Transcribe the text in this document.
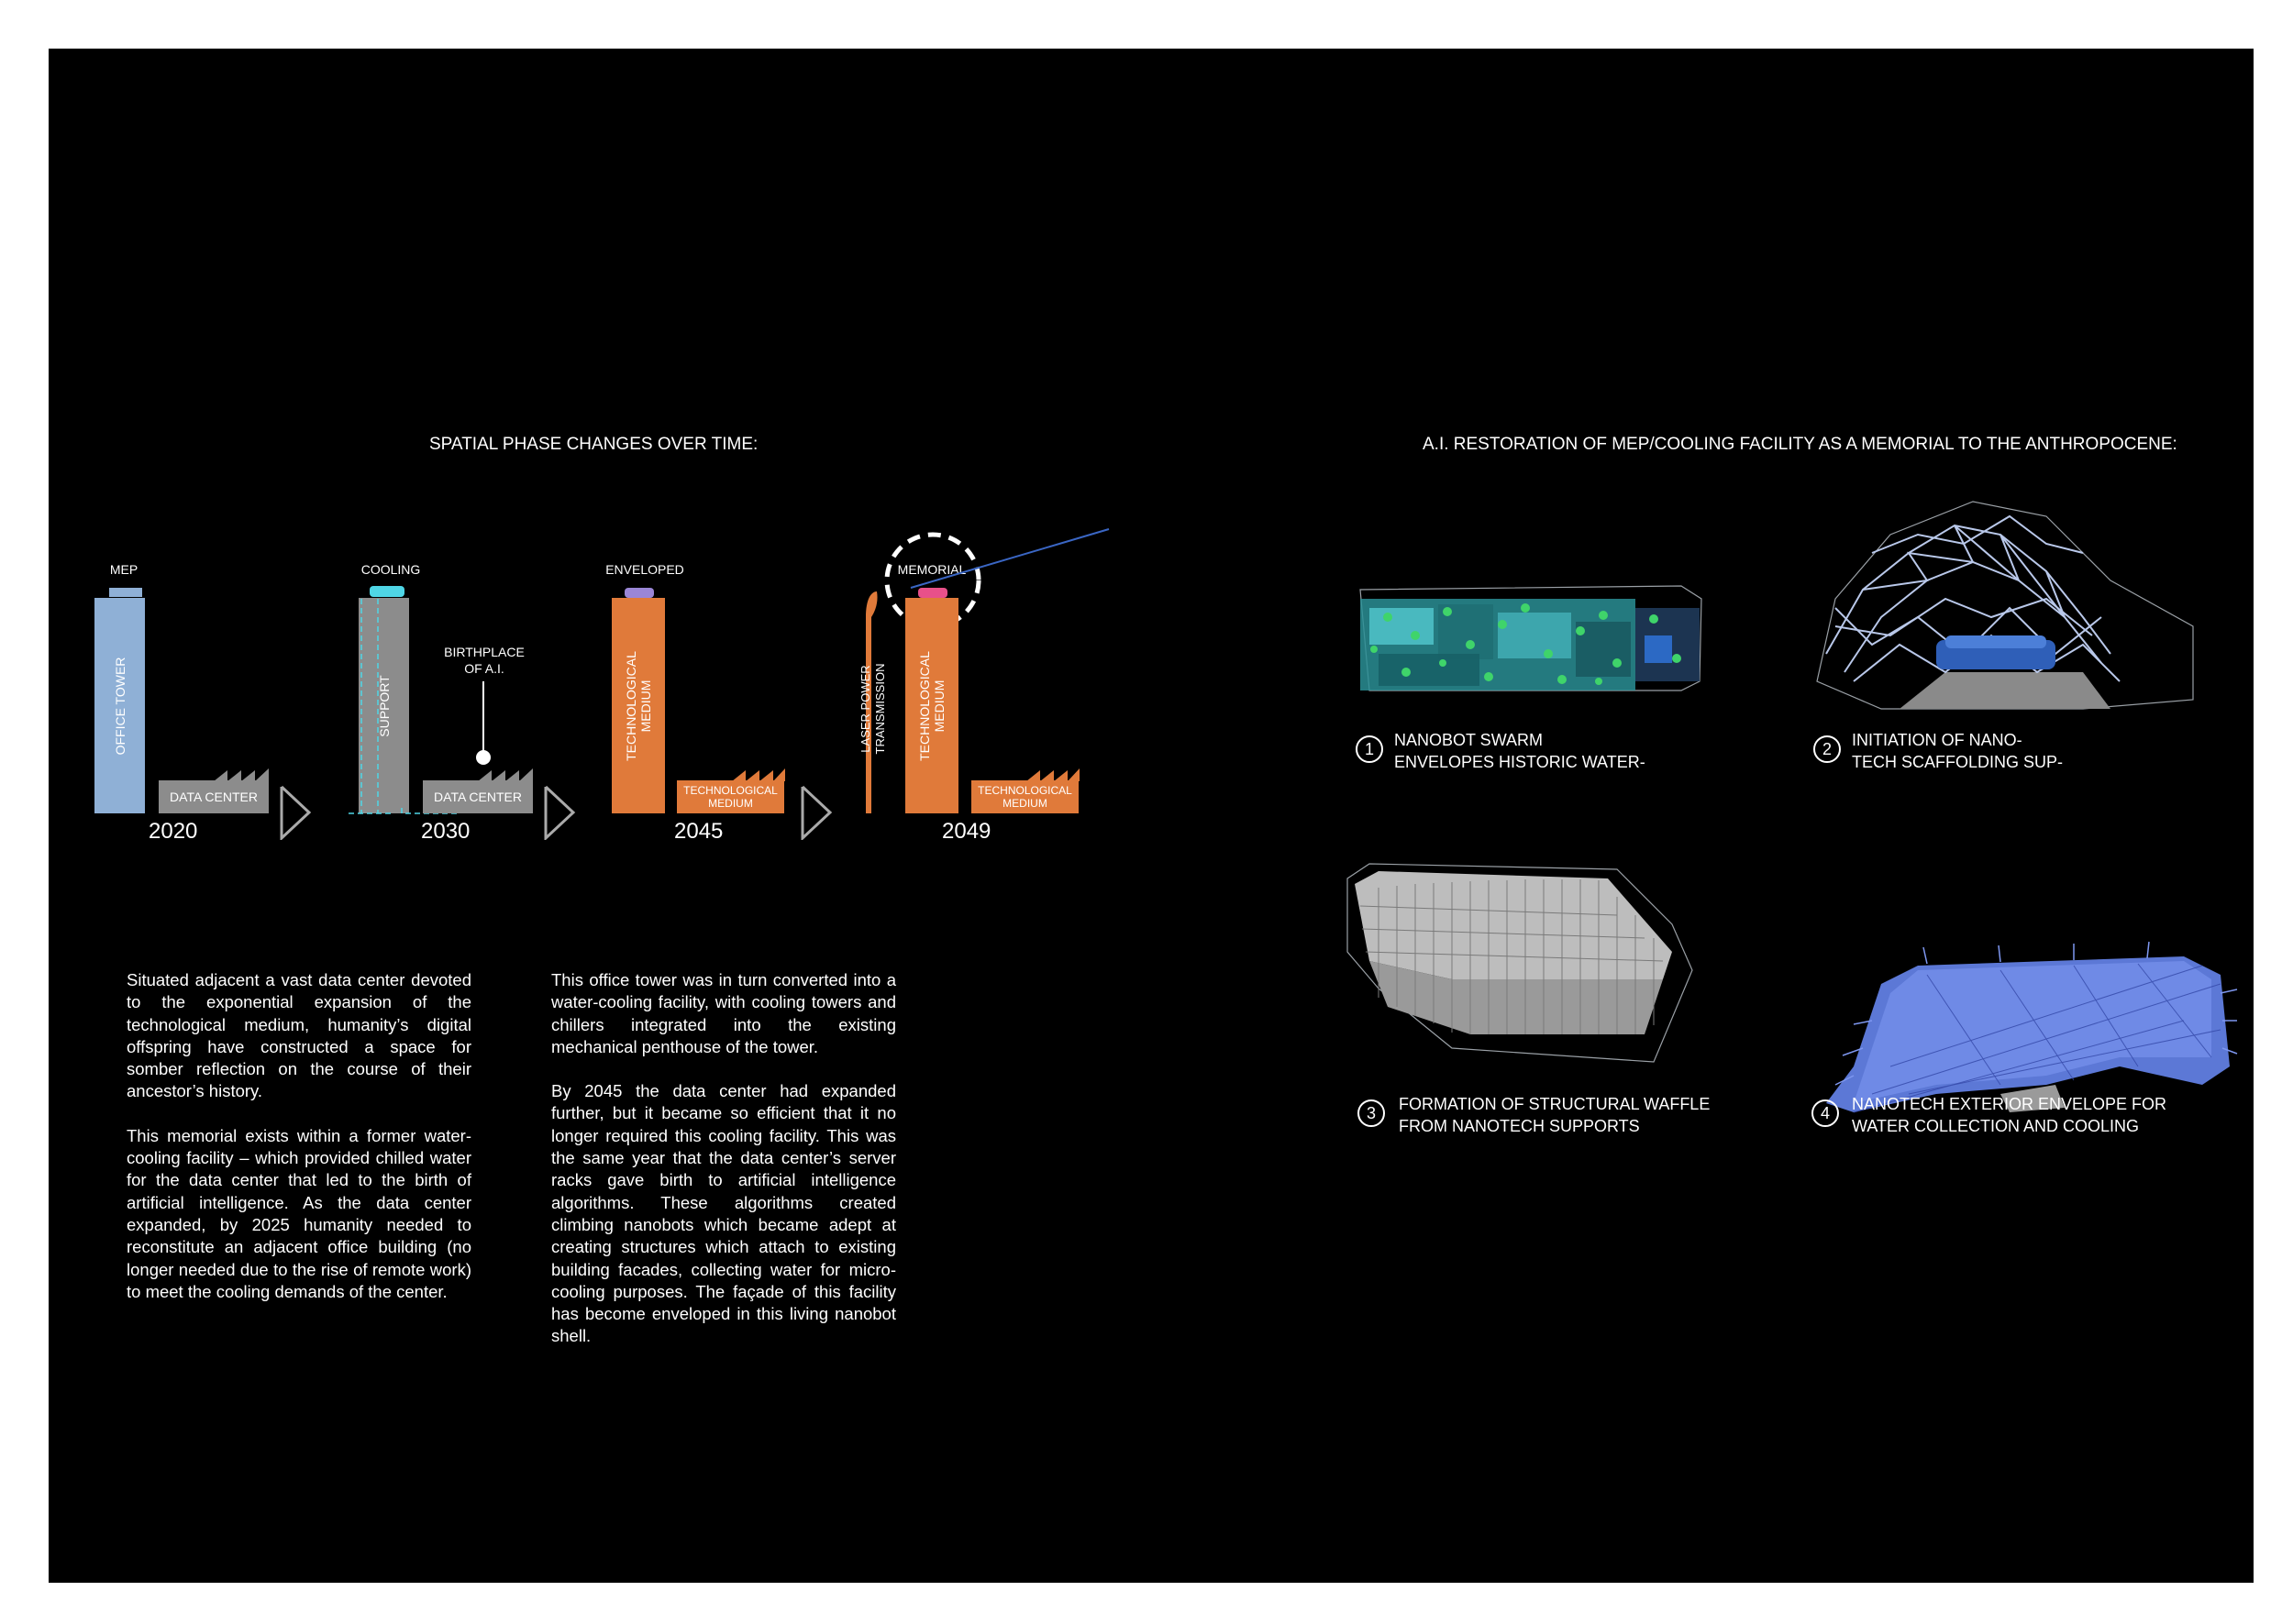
SPATIAL PHASE CHANGES OVER TIME:	A.I. RESTORATION OF MEP/COOLING FACILITY AS A MEMORIAL TO THE ANTHROPOCENE:
MEP
OFFICE TOWER
DATA CENTER
2020
COOLING
SUPPORT
DATA CENTER
BIRTHPLACE
OF A.I.
2030
ENVELOPED
TECHNOLOGICAL
MEDIUM
TECHNOLOGICAL
MEDIUM
2045
LASER POWER
TRANSMISSION
MEMORIAL
TECHNOLOGICAL
MEDIUM
TECHNOLOGICAL
MEDIUM
2049

Situated adjacent a vast data center devoted to the exponential expansion of the technological medium, humanity’s digital offspring have constructed a space for somber reflection on the course of their ancestor’s history.

This memorial exists within a former water-cooling facility – which provided chilled water for the data center that led to the birth of artificial intelligence. As the data center expanded, by 2025 humanity needed to reconstitute an adjacent office building (no longer needed due to the rise of remote work) to meet the cooling demands of the center.

This office tower was in turn converted into a water-cooling facility, with cooling towers and chillers integrated into the existing mechanical penthouse of the tower.

By 2045 the data center had expanded further, but it became so efficient that it no longer required this cooling facility. This was the same year that the data center’s server racks gave birth to artificial intelligence algorithms. These algorithms created climbing nanobots which became adept at creating structures which attach to existing building facades, collecting water for micro-cooling purposes. The façade of this facility has become enveloped in this living nanobot shell.

1	NANOBOT SWARM
ENVELOPES HISTORIC WATER-
2	INITIATION OF NANO-
TECH SCAFFOLDING SUP-
3	FORMATION OF STRUCTURAL WAFFLE
FROM NANOTECH SUPPORTS
4	NANOTECH EXTERIOR ENVELOPE FOR
WATER COLLECTION AND COOLING
